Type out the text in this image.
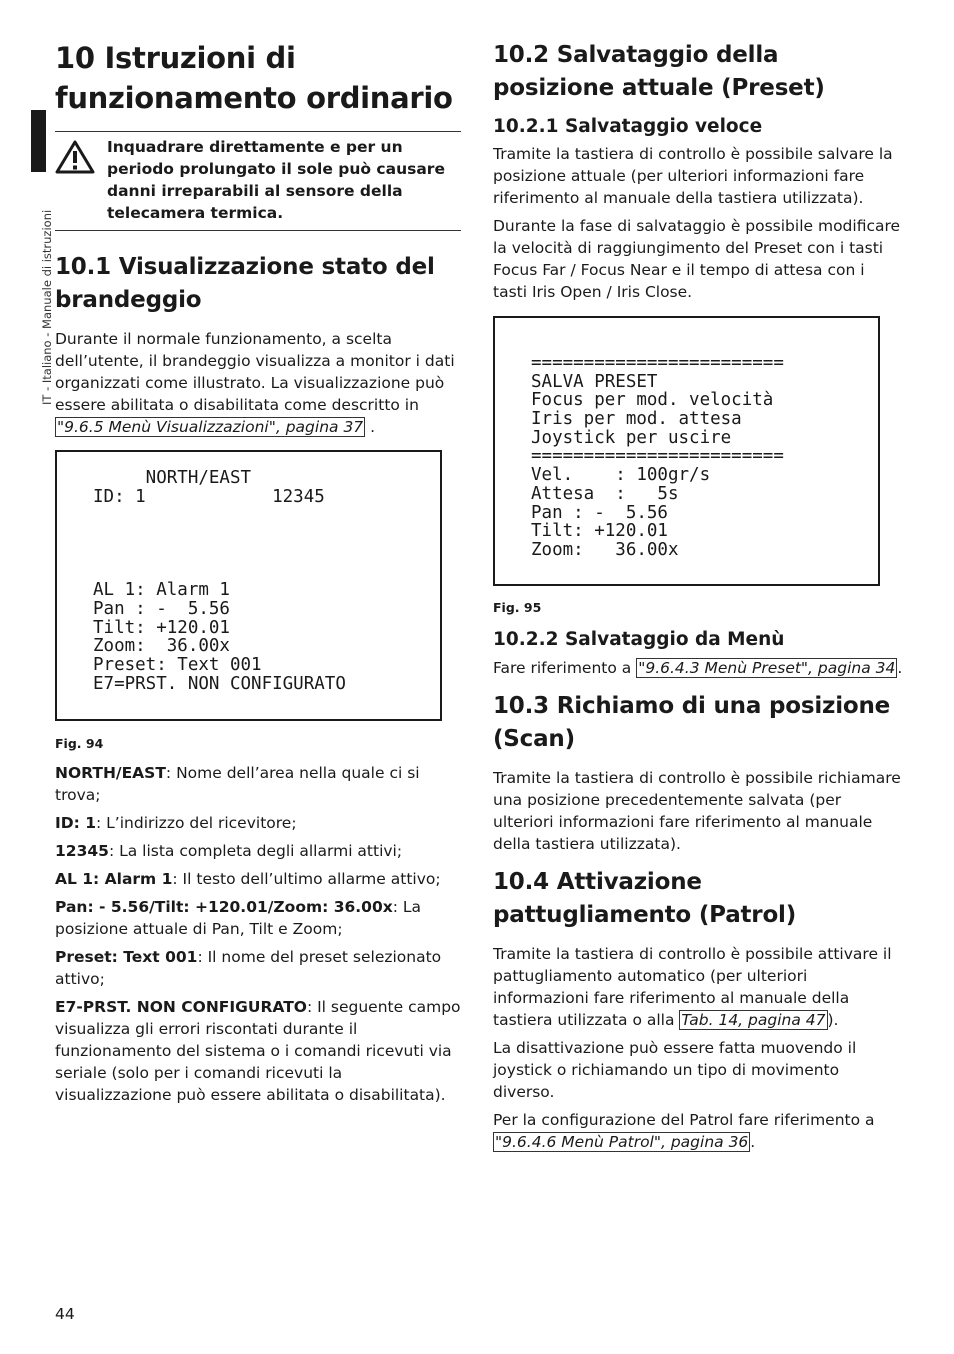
IT - Italiano - Manuale di istruzioni
10 Istruzioni di
funzionamento ordinario
Inquadrare direttamente e per un periodo prolungato il sole può causare danni irreparabili al sensore della telecamera termica.
10.1 Visualizzazione stato del brandeggio

Durante il normale funzionamento, a scelta dell’utente, il brandeggio visualizza a monitor i dati organizzati come illustrato. La visualizzazione può essere abilitata o disabilitata come descritto in "9.6.5 Menù Visualizzazioni", pagina 37 .

NORTH/EAST
ID: 1            12345
AL 1: Alarm 1
Pan : -  5.56
Tilt: +120.01
Zoom:  36.00x
Preset: Text 001
E7=PRST. NON CONFIGURATO
Fig. 94

NORTH/EAST: Nome dell’area nella quale ci si trova;

ID: 1: L’indirizzo del ricevitore;

12345: La lista completa degli allarmi attivi;

AL 1: Alarm 1: Il testo dell’ultimo allarme attivo;

Pan: - 5.56/Tilt: +120.01/Zoom: 36.00x: La posizione attuale di Pan, Tilt e Zoom;

Preset: Text 001: Il nome del preset selezionato attivo;

E7-PRST. NON CONFIGURATO: Il seguente campo visualizza gli errori riscontati durante il funzionamento del sistema o i comandi ricevuti via seriale (solo per i comandi ricevuti la visualizzazione può essere abilitata o disabilitata).

10.2 Salvataggio della posizione attuale (Preset)
10.2.1 Salvataggio veloce

Tramite la tastiera di controllo è possibile salvare la posizione attuale (per ulteriori informazioni fare riferimento al manuale della tastiera utilizzata).

Durante la fase di salvataggio è possibile modificare la velocità di raggiungimento del Preset con i tasti Focus Far / Focus Near e il tempo di attesa con i tasti Iris Open / Iris Close.

========================
SALVA PRESET
Focus per mod. velocità
Iris per mod. attesa
Joystick per uscire
========================
Vel.    : 100gr/s
Attesa  :   5s
Pan : -  5.56
Tilt: +120.01
Zoom:   36.00x
Fig. 95
10.2.2 Salvataggio da Menù

Fare riferimento a "9.6.4.3 Menù Preset", pagina 34 .

10.3 Richiamo di una posizione (Scan)

Tramite la tastiera di controllo è possibile richiamare una posizione precedentemente salvata (per ulteriori informazioni fare riferimento al manuale della tastiera utilizzata).

10.4 Attivazione pattugliamento (Patrol)

Tramite la tastiera di controllo è possibile attivare il pattugliamento automatico (per ulteriori informazioni fare riferimento al manuale della tastiera utilizzata o alla Tab. 14, pagina 47 ).

La disattivazione può essere fatta muovendo il joystick o richiamando un tipo di movimento diverso.

Per la configurazione del Patrol fare riferimento a "9.6.4.6 Menù Patrol", pagina 36 .

44
